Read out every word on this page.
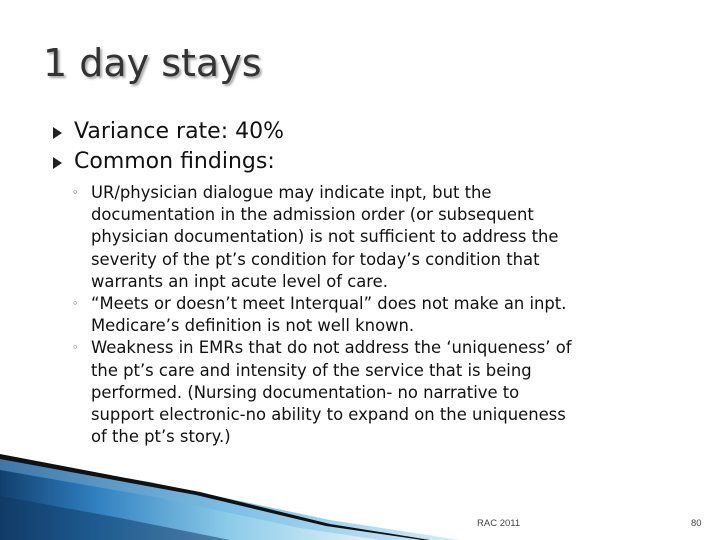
1 day stays
Variance rate: 40%
Common findings:
◦ UR/physician dialogue may indicate inpt, but the
documentation in the admission order (or subsequent
physician documentation) is not sufficient to address the
severity of the pt’s condition for today’s condition that
warrants an inpt acute level of care.
◦ “Meets or doesn’t meet Interqual” does not make an inpt.
Medicare’s definition is not well known.
◦ Weakness in EMRs that do not address the ‘uniqueness’ of
the pt’s care and intensity of the service that is being
performed. (Nursing documentation- no narrative to
support electronic-no ability to expand on the uniqueness
of the pt’s story.)
RAC 2011	80
